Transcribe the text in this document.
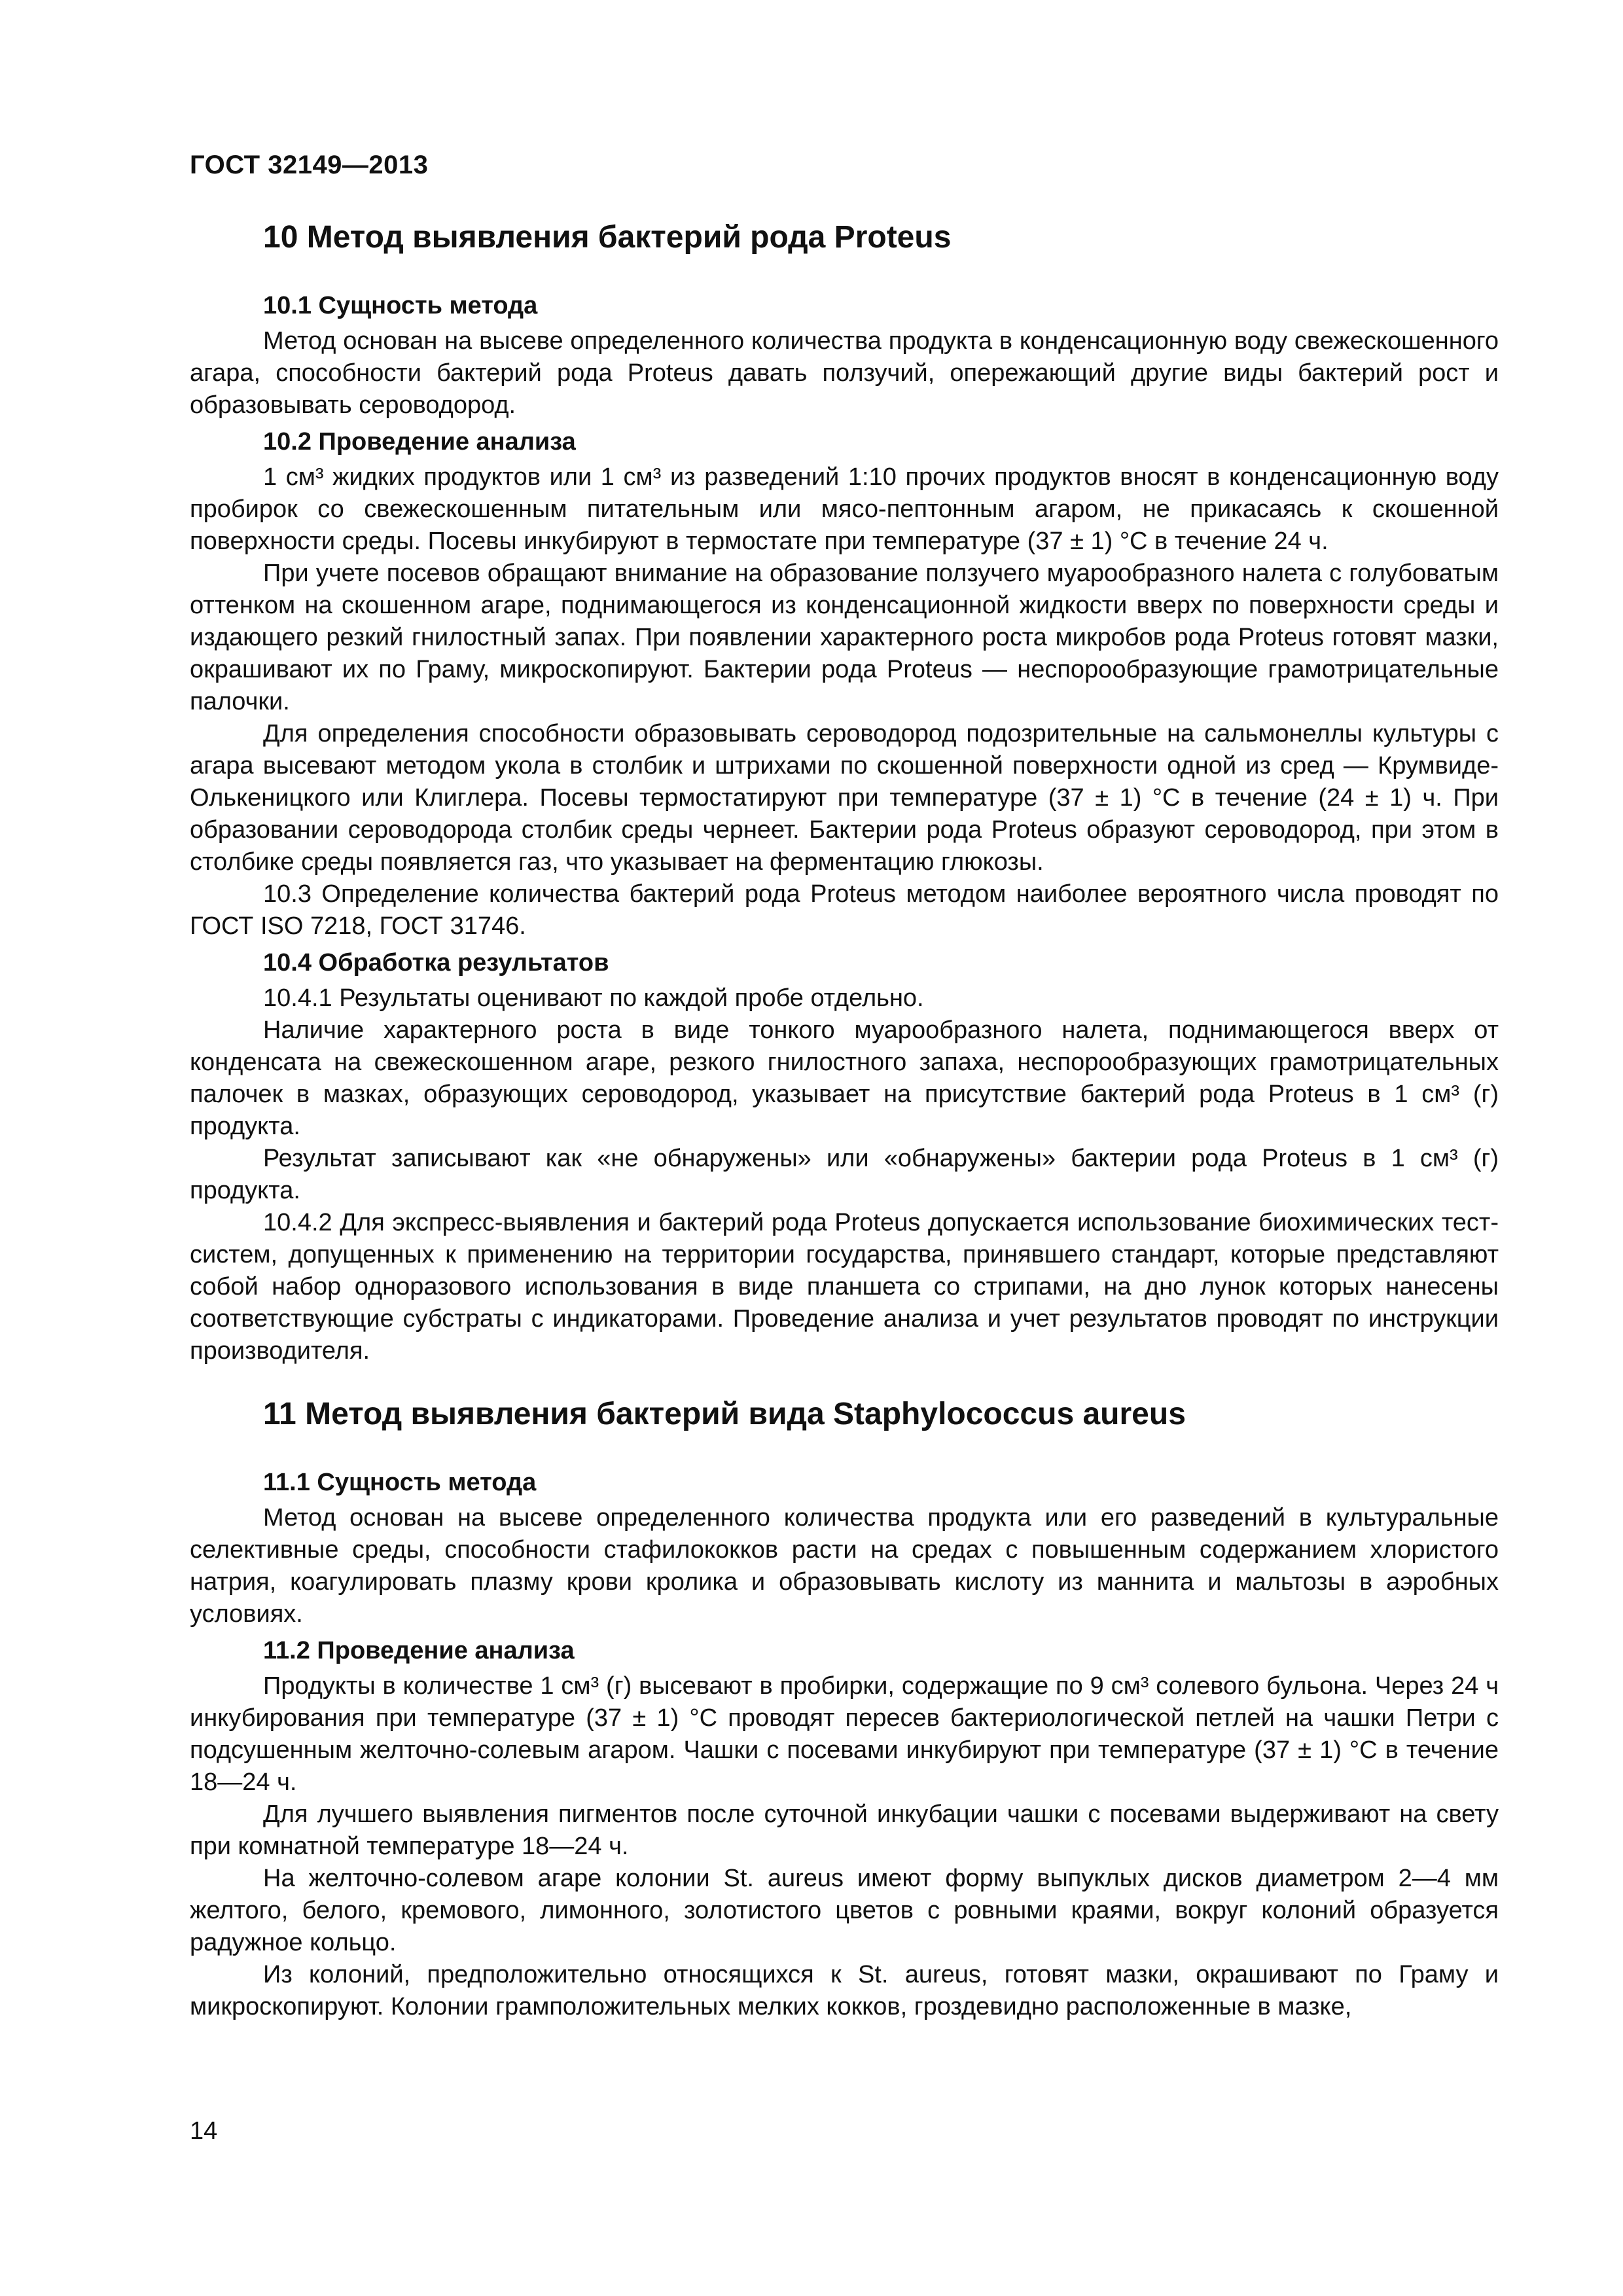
ГОСТ 32149—2013
10 Метод выявления бактерий рода Proteus
10.1 Сущность метода

Метод основан на высеве определенного количества продукта в конденсационную воду свежескошенного агара, способности бактерий рода Proteus давать ползучий, опережающий другие виды бактерий рост и образовывать сероводород.

10.2 Проведение анализа

1 см³ жидких продуктов или 1 см³ из разведений 1:10 прочих продуктов вносят в конденсационную воду пробирок со свежескошенным питательным или мясо-пептонным агаром, не прикасаясь к скошенной поверхности среды. Посевы инкубируют в термостате при температуре (37 ± 1) °С в течение 24 ч.

При учете посевов обращают внимание на образование ползучего муарообразного налета с голубоватым оттенком на скошенном агаре, поднимающегося из конденсационной жидкости вверх по поверхности среды и издающего резкий гнилостный запах. При появлении характерного роста микробов рода Proteus готовят мазки, окрашивают их по Граму, микроскопируют. Бактерии рода Proteus — неспорообразующие грамотрицательные палочки.

Для определения способности образовывать сероводород подозрительные на сальмонеллы культуры с агара высевают методом укола в столбик и штрихами по скошенной поверхности одной из сред — Крумвиде-Олькеницкого или Клиглера. Посевы термостатируют при температуре (37 ± 1) °С в течение (24 ± 1) ч. При образовании сероводорода столбик среды чернеет. Бактерии рода Proteus образуют сероводород, при этом в столбике среды появляется газ, что указывает на ферментацию глюкозы.

10.3 Определение количества бактерий рода Proteus методом наиболее вероятного числа проводят по ГОСТ ISO 7218, ГОСТ 31746.

10.4 Обработка результатов

10.4.1 Результаты оценивают по каждой пробе отдельно.

Наличие характерного роста в виде тонкого муарообразного налета, поднимающегося вверх от конденсата на свежескошенном агаре, резкого гнилостного запаха, неспорообразующих грамотрицательных палочек в мазках, образующих сероводород, указывает на присутствие бактерий рода Proteus в 1 см³ (г) продукта.

Результат записывают как «не обнаружены» или «обнаружены» бактерии рода Proteus в 1 см³ (г) продукта.

10.4.2 Для экспресс-выявления и бактерий рода Proteus допускается использование биохимических тест-систем, допущенных к применению на территории государства, принявшего стандарт, которые представляют собой набор одноразового использования в виде планшета со стрипами, на дно лунок которых нанесены соответствующие субстраты с индикаторами. Проведение анализа и учет результатов проводят по инструкции производителя.

11 Метод выявления бактерий вида Staphylococcus aureus
11.1 Сущность метода

Метод основан на высеве определенного количества продукта или его разведений в культуральные селективные среды, способности стафилококков расти на средах с повышенным содержанием хлористого натрия, коагулировать плазму крови кролика и образовывать кислоту из маннита и мальтозы в аэробных условиях.

11.2 Проведение анализа

Продукты в количестве 1 см³ (г) высевают в пробирки, содержащие по 9 см³ солевого бульона. Через 24 ч инкубирования при температуре (37 ± 1) °С проводят пересев бактериологической петлей на чашки Петри с подсушенным желточно-солевым агаром. Чашки с посевами инкубируют при температуре (37 ± 1) °С в течение 18—24 ч.

Для лучшего выявления пигментов после суточной инкубации чашки с посевами выдерживают на свету при комнатной температуре 18—24 ч.

На желточно-солевом агаре колонии St. aureus имеют форму выпуклых дисков диаметром 2—4 мм желтого, белого, кремового, лимонного, золотистого цветов с ровными краями, вокруг колоний образуется радужное кольцо.

Из колоний, предположительно относящихся к St. aureus, готовят мазки, окрашивают по Граму и микроскопируют. Колонии грамположительных мелких кокков, гроздевидно расположенные в мазке,

14
